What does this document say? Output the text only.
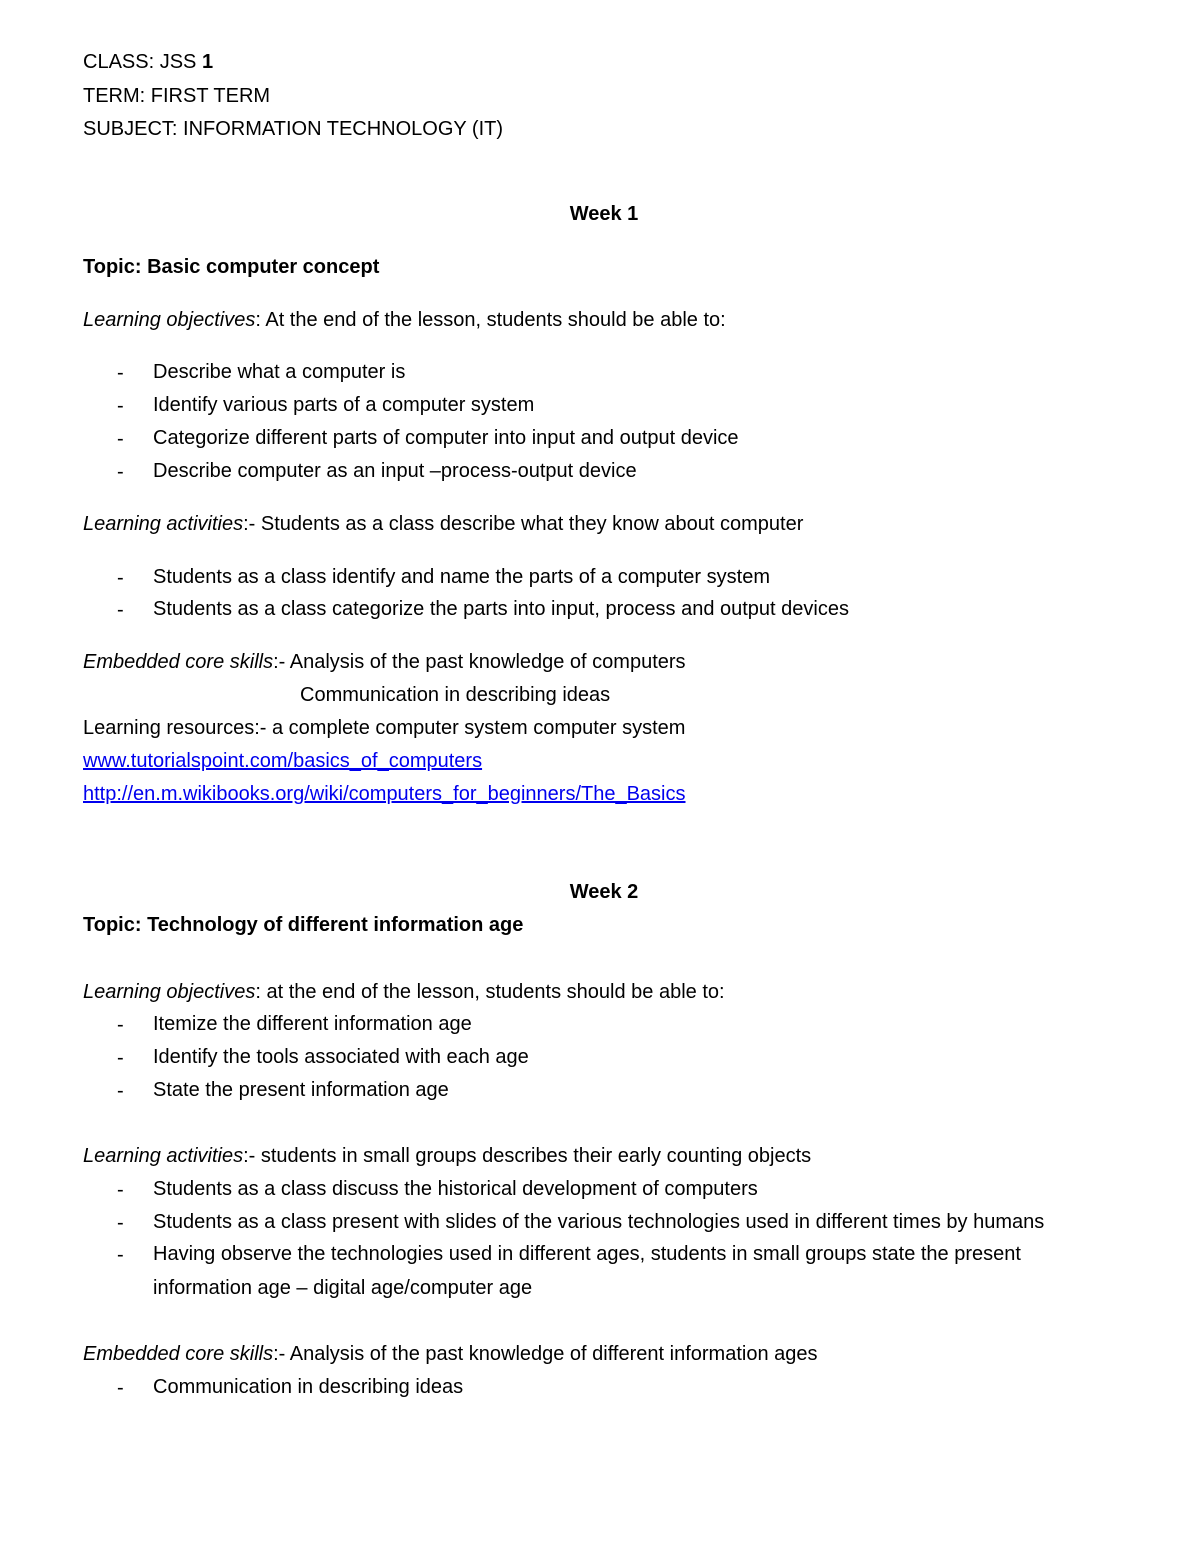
CLASS: JSS 1
TERM: FIRST TERM
SUBJECT: INFORMATION TECHNOLOGY (IT)
Week 1
Topic: Basic computer concept
Learning objectives: At the end of the lesson, students should be able to:
- Describe what a computer is
- Identify various parts of a computer system
- Categorize different parts of computer into input and output device
- Describe computer as an input –process-output device
Learning activities:- Students as a class describe what they know about computer
- Students as a class identify and name the parts of a computer system
- Students as a class categorize the parts into input, process and output devices
Embedded core skills:- Analysis of the past knowledge of computers
Communication in describing ideas
Learning resources:- a complete computer system computer system
www.tutorialspoint.com/basics_of_computers
http://en.m.wikibooks.org/wiki/computers_for_beginners/The_Basics
Week 2
Topic: Technology of different information age
Learning objectives: at the end of the lesson, students should be able to:
- Itemize the different information age
- Identify the tools associated with each age
- State the present information age
Learning activities:- students in small groups describes their early counting objects
- Students as a class discuss the historical development of computers
- Students as a class present with slides of the various technologies used in different times by humans
- Having observe the technologies used in different ages, students in small groups state the present
information age – digital age/computer age
Embedded core skills:- Analysis of the past knowledge of different information ages
- Communication in describing ideas
